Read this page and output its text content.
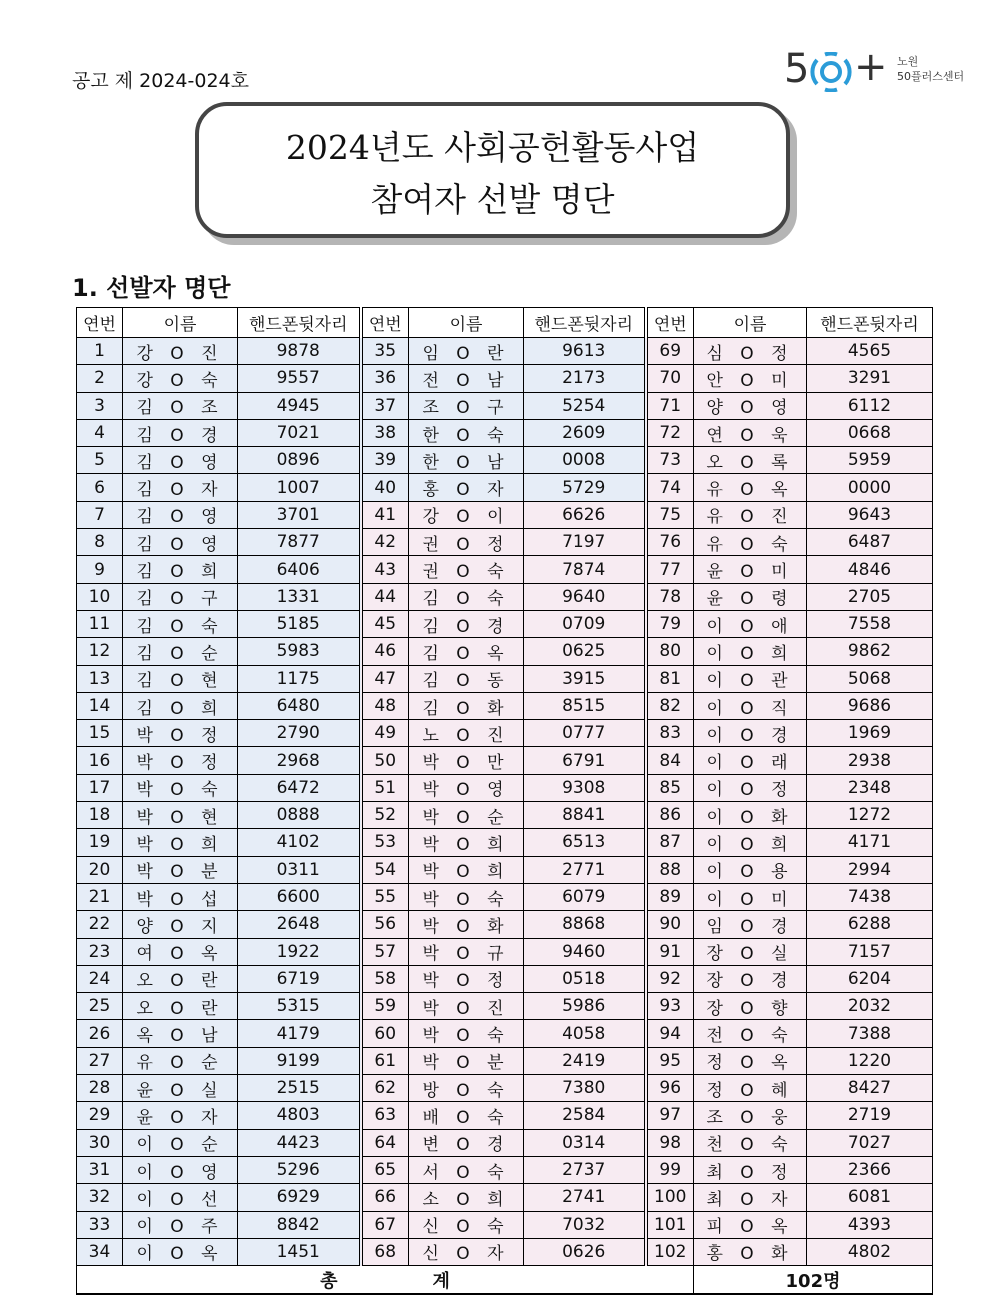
공고 제 2024-024호	5 + 노원
50플러스센터
2024년도 사회공헌활동사업
참여자 선발 명단
1. 선발자 명단
연번	이름	핸드폰뒷자리	연번	이름	핸드폰뒷자리	연번	이름	핸드폰뒷자리
1	강 O 진	9878	35	임 O 란	9613	69	심 O 정	4565
2	강 O 숙	9557	36	전 O 남	2173	70	안 O 미	3291
3	김 O 조	4945	37	조 O 구	5254	71	양 O 영	6112
4	김 O 경	7021	38	한 O 숙	2609	72	연 O 욱	0668
5	김 O 영	0896	39	한 O 남	0008	73	오 O 록	5959
6	김 O 자	1007	40	홍 O 자	5729	74	유 O 옥	0000
7	김 O 영	3701	41	강 O 이	6626	75	유 O 진	9643
8	김 O 영	7877	42	권 O 정	7197	76	유 O 숙	6487
9	김 O 희	6406	43	권 O 숙	7874	77	윤 O 미	4846
10	김 O 구	1331	44	김 O 숙	9640	78	윤 O 령	2705
11	김 O 숙	5185	45	김 O 경	0709	79	이 O 애	7558
12	김 O 순	5983	46	김 O 옥	0625	80	이 O 희	9862
13	김 O 현	1175	47	김 O 동	3915	81	이 O 관	5068
14	김 O 희	6480	48	김 O 화	8515	82	이 O 직	9686
15	박 O 정	2790	49	노 O 진	0777	83	이 O 경	1969
16	박 O 정	2968	50	박 O 만	6791	84	이 O 래	2938
17	박 O 숙	6472	51	박 O 영	9308	85	이 O 정	2348
18	박 O 현	0888	52	박 O 순	8841	86	이 O 화	1272
19	박 O 희	4102	53	박 O 희	6513	87	이 O 희	4171
20	박 O 분	0311	54	박 O 희	2771	88	이 O 용	2994
21	박 O 섭	6600	55	박 O 숙	6079	89	이 O 미	7438
22	양 O 지	2648	56	박 O 화	8868	90	임 O 경	6288
23	여 O 옥	1922	57	박 O 규	9460	91	장 O 실	7157
24	오 O 란	6719	58	박 O 정	0518	92	장 O 경	6204
25	오 O 란	5315	59	박 O 진	5986	93	장 O 향	2032
26	옥 O 남	4179	60	박 O 숙	4058	94	전 O 숙	7388
27	유 O 순	9199	61	박 O 분	2419	95	정 O 옥	1220
28	윤 O 실	2515	62	방 O 숙	7380	96	정 O 혜	8427
29	윤 O 자	4803	63	배 O 숙	2584	97	조 O 웅	2719
30	이 O 순	4423	64	변 O 경	0314	98	천 O 숙	7027
31	이 O 영	5296	65	서 O 숙	2737	99	최 O 정	2366
32	이 O 선	6929	66	소 O 희	2741	100	최 O 자	6081
33	이 O 주	8842	67	신 O 숙	7032	101	피 O 옥	4393
34	이 O 옥	1451	68	신 O 자	0626	102	홍 O 화	4802
총 계							102명	
